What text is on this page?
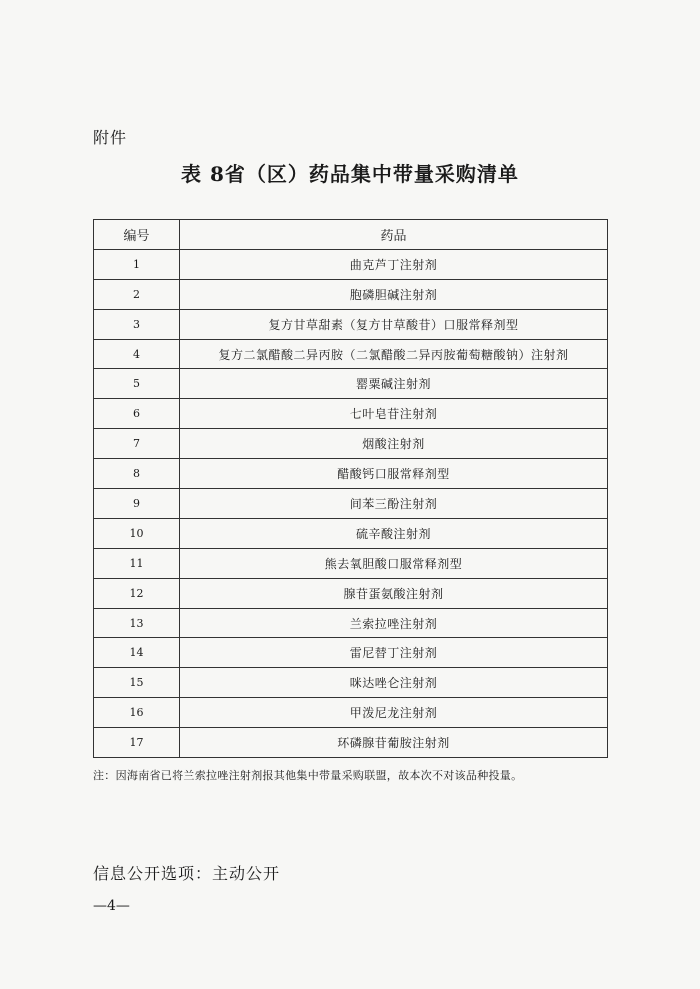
附件
表 8省（区）药品集中带量采购清单
编号	药品
1	曲克芦丁注射剂
2	胞磷胆碱注射剂
3	复方甘草甜素（复方甘草酸苷）口服常释剂型
4	复方二氯醋酸二异丙胺（二氯醋酸二异丙胺葡萄糖酸钠）注射剂
5	罂粟碱注射剂
6	七叶皂苷注射剂
7	烟酸注射剂
8	醋酸钙口服常释剂型
9	间苯三酚注射剂
10	硫辛酸注射剂
11	熊去氧胆酸口服常释剂型
12	腺苷蛋氨酸注射剂
13	兰索拉唑注射剂
14	雷尼替丁注射剂
15	咪达唑仑注射剂
16	甲泼尼龙注射剂
17	环磷腺苷葡胺注射剂
注：因海南省已将兰索拉唑注射剂报其他集中带量采购联盟，故本次不对该品种投量。
信息公开选项：主动公开
—4—
